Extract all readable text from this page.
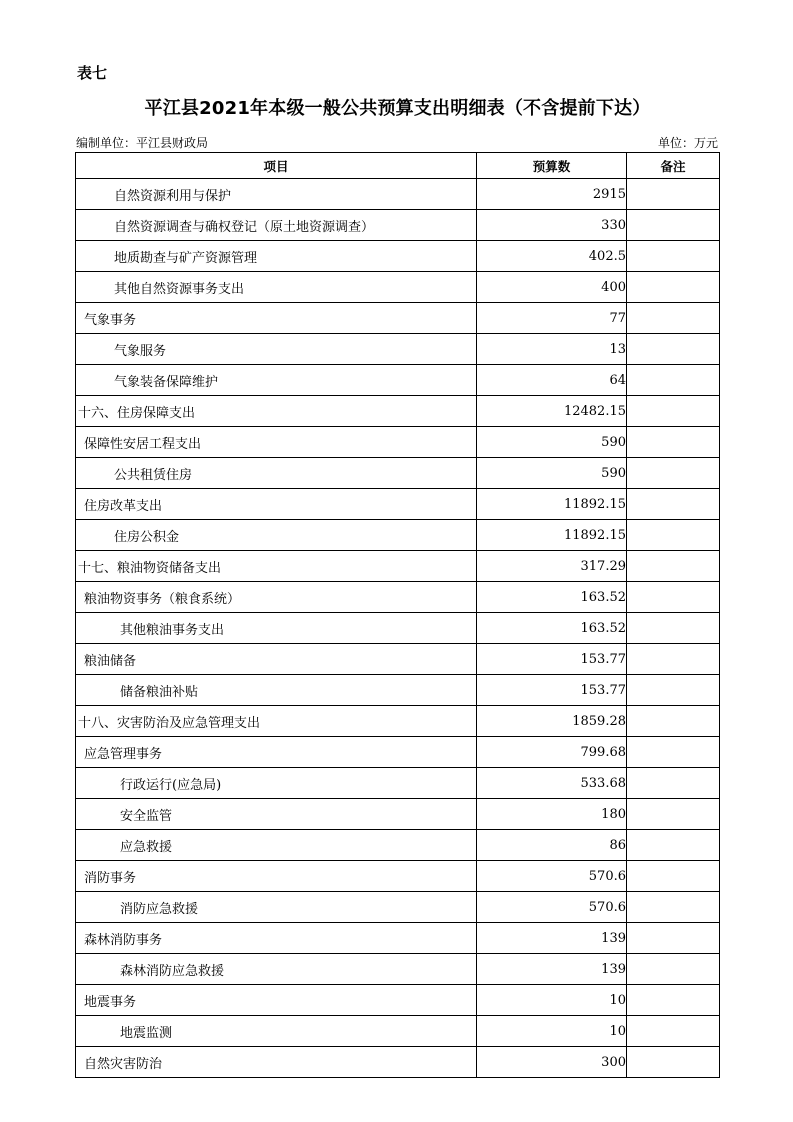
表七
平江县2021年本级一般公共预算支出明细表（不含提前下达）
编制单位：平江县财政局	单位：万元
项目	预算数	备注
自然资源利用与保护	2915	
自然资源调查与确权登记（原土地资源调查）	330	
地质勘查与矿产资源管理	402.5	
其他自然资源事务支出	400	
气象事务	77	
气象服务	13	
气象装备保障维护	64	
十六、住房保障支出	12482.15	
保障性安居工程支出	590	
公共租赁住房	590	
住房改革支出	11892.15	
住房公积金	11892.15	
十七、粮油物资储备支出	317.29	
粮油物资事务（粮食系统）	163.52	
其他粮油事务支出	163.52	
粮油储备	153.77	
储备粮油补贴	153.77	
十八、灾害防治及应急管理支出	1859.28	
应急管理事务	799.68	
行政运行(应急局)	533.68	
安全监管	180	
应急救援	86	
消防事务	570.6	
消防应急救援	570.6	
森林消防事务	139	
森林消防应急救援	139	
地震事务	10	
地震监测	10	
自然灾害防治	300	
